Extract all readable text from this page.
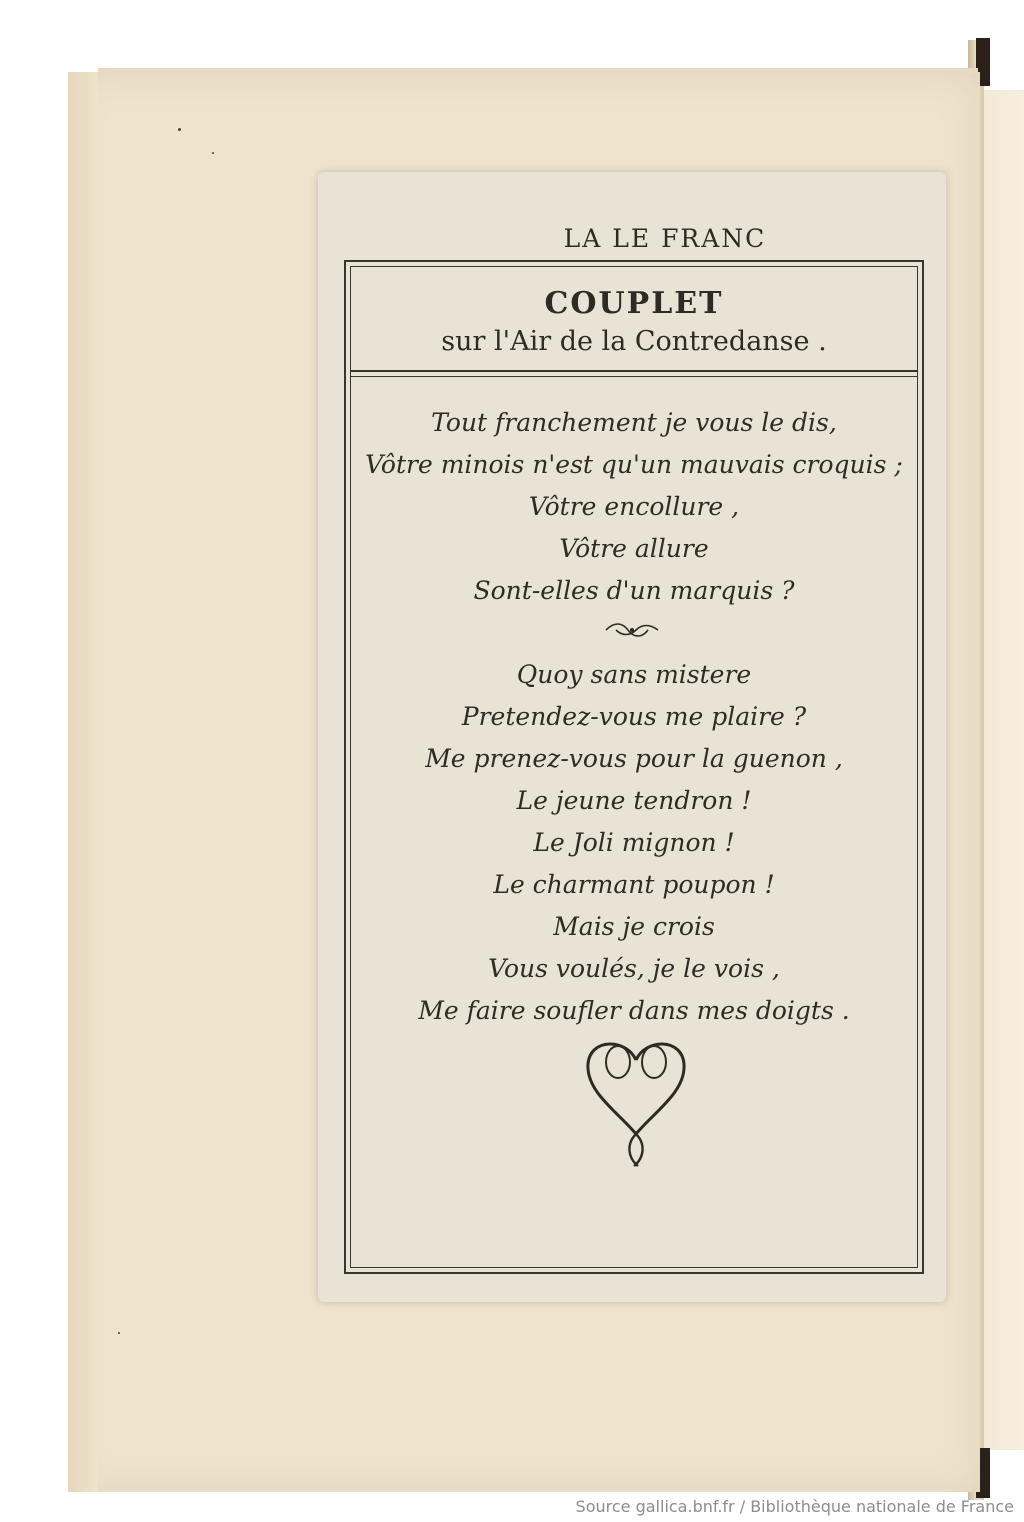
LA LE FRANC
COUPLET
sur l'Air de la Contredanse .
Tout franchement je vous le dis,
Vôtre minois n'est qu'un mauvais croquis ;
Vôtre encollure ,
Vôtre allure
Sont-elles d'un marquis ?
Quoy sans mistere
Pretendez-vous me plaire ?
Me prenez-vous pour la guenon ,
Le jeune tendron !
Le Joli mignon !
Le charmant poupon !
Mais je crois
Vous voulés, je le vois ,
Me faire soufler dans mes doigts .
Source gallica.bnf.fr / Bibliothèque nationale de France
